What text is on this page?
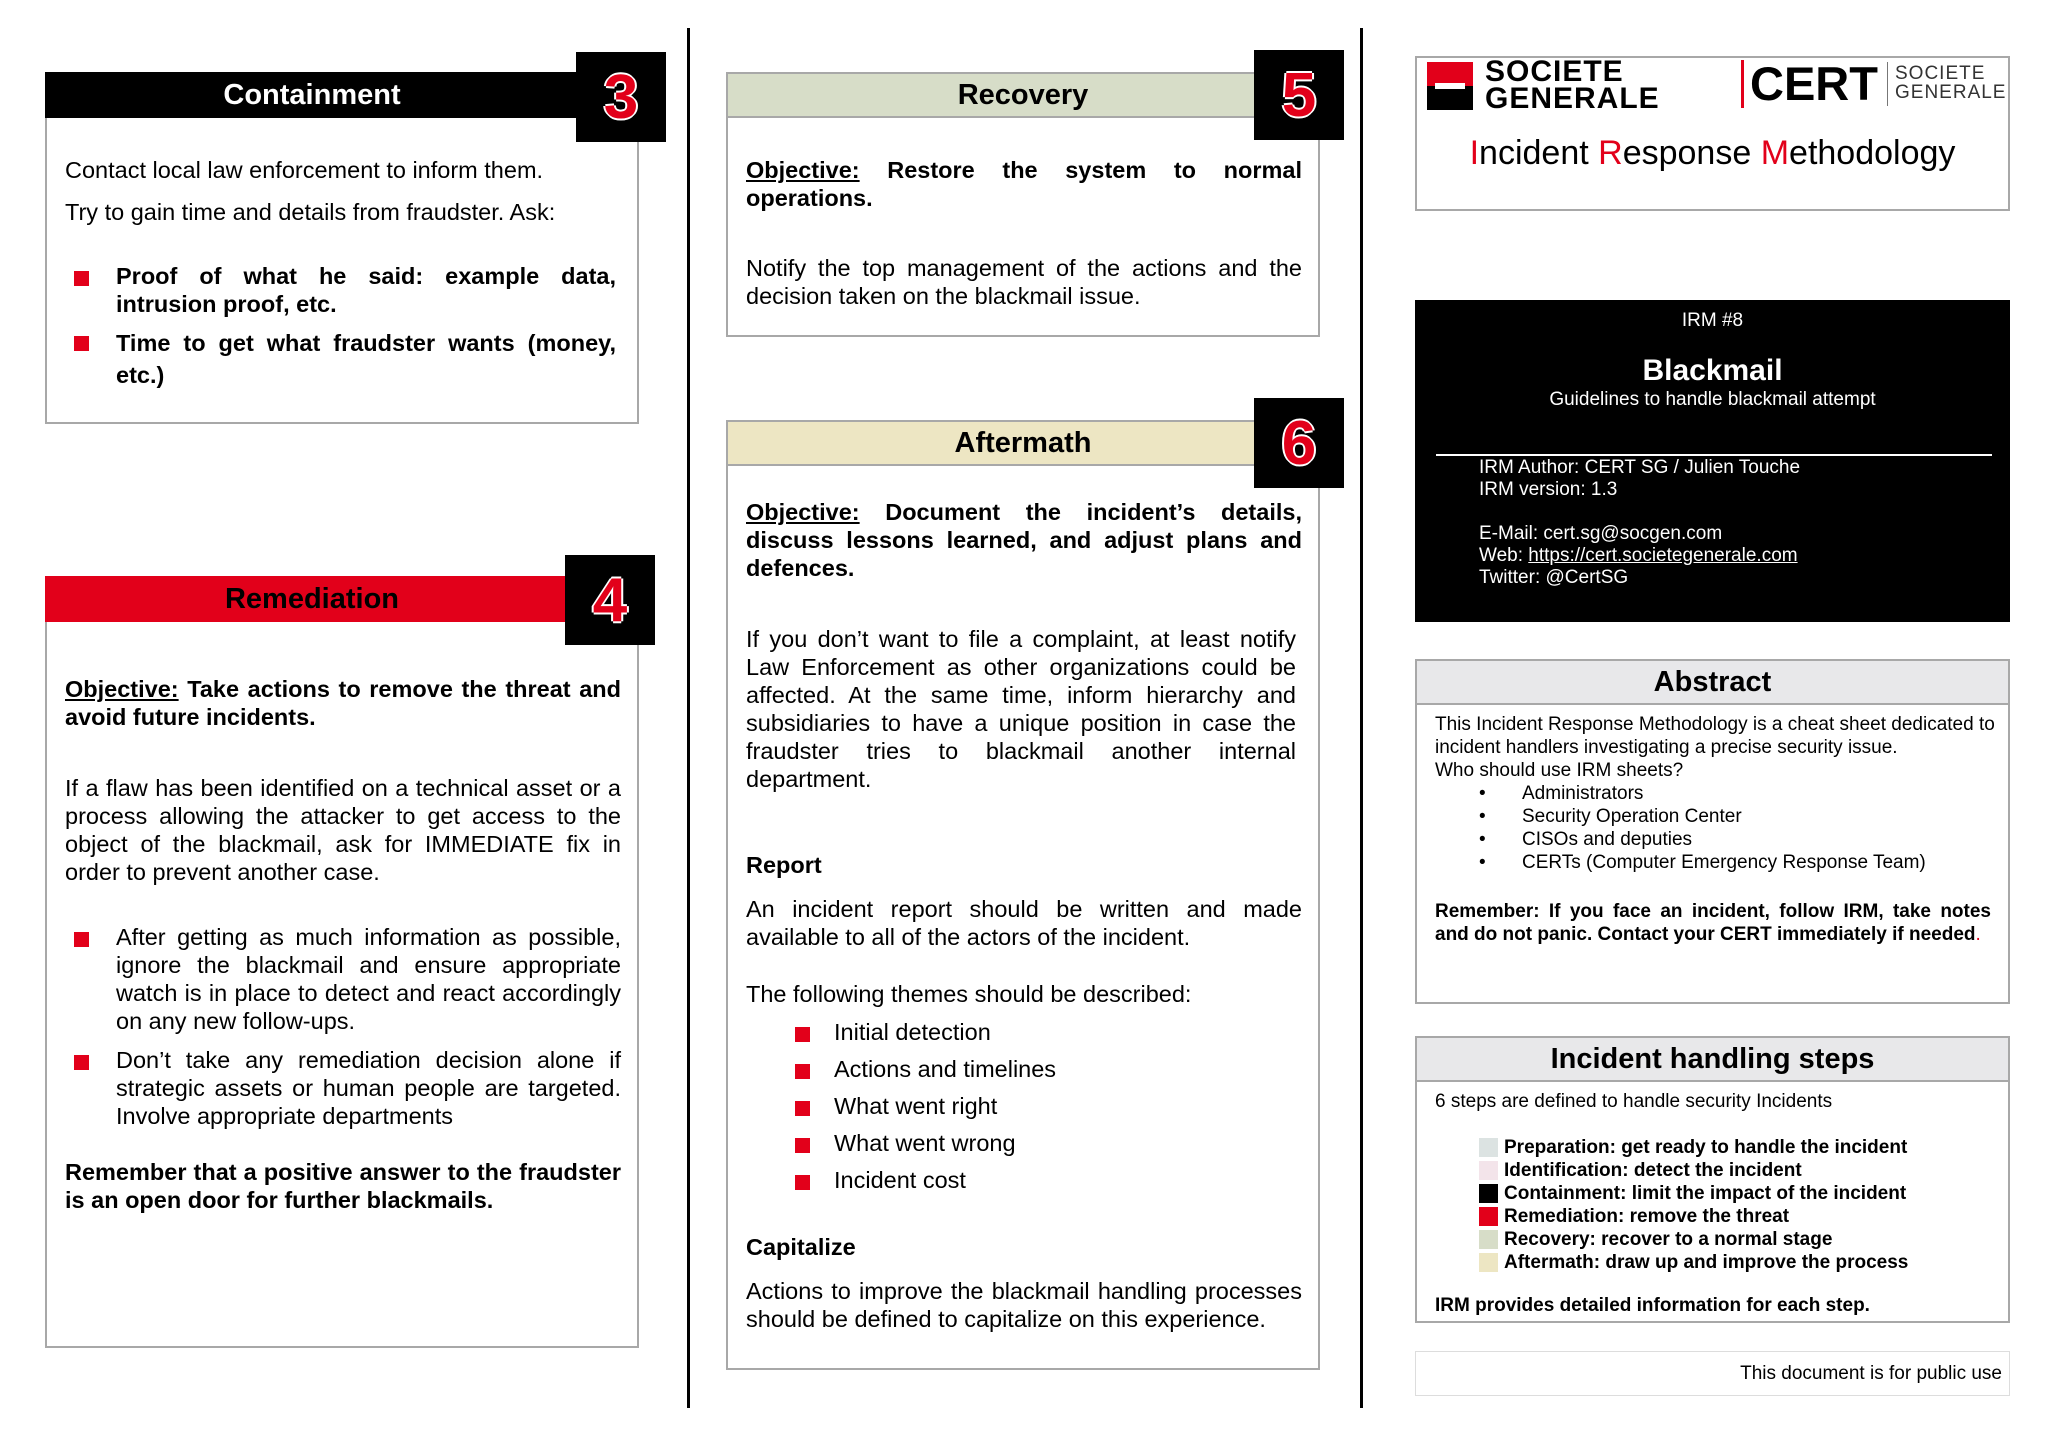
Containment
Contact local law enforcement to inform them.
Try to gain time and details from fraudster. Ask:
Proof of what he said: example data, intrusion proof, etc.
Time to get what fraudster wants (money, etc.)
3
Remediation
Objective: Take actions to remove the threat and avoid future incidents.
If a flaw has been identified on a technical asset or a process allowing the attacker to get access to the object of the blackmail, ask for IMMEDIATE fix in order to prevent another case.
After getting as much information as possible, ignore the blackmail and ensure appropriate watch is in place to detect and react accordingly on any new follow-ups.
Don’t take any remediation decision alone if strategic assets or human people are targeted. Involve appropriate departments
Remember that a positive answer to the fraudster is an open door for further blackmails.
4
Recovery
Objective: Restore the system to normal operations.
Notify the top management of the actions and the decision taken on the blackmail issue.
5
Aftermath
Objective: Document the incident’s details, discuss lessons learned, and adjust plans and defences.
If you don’t want to file a complaint, at least notify Law Enforcement as other organizations could be affected. At the same time, inform hierarchy and subsidiaries to have a unique position in case the fraudster tries to blackmail another internal department.
Report
An incident report should be written and made available to all of the actors of the incident.
The following themes should be described:
Initial detection
Actions and timelines
What went right
What went wrong
Incident cost
Capitalize
Actions to improve the blackmail handling processes should be defined to capitalize on this experience.
6
SOCIETE
GENERALE CERT SOCIETE
GENERALE
Incident Response Methodology
IRM #8
Blackmail
Guidelines to handle blackmail attempt
IRM Author: CERT SG / Julien Touche
IRM version: 1.3
E-Mail: cert.sg@socgen.com
Web: https://cert.societegenerale.com
Twitter: @CertSG
Abstract
This Incident Response Methodology is a cheat sheet dedicated to incident handlers investigating a precise security issue.
Who should use IRM sheets?
• Administrators
• Security Operation Center
• CISOs and deputies
• CERTs (Computer Emergency Response Team)
Remember: If you face an incident, follow IRM, take notes and do not panic. Contact your CERT immediately if needed.
Incident handling steps
6 steps are defined to handle security Incidents
Preparation: get ready to handle the incident
Identification: detect the incident
Containment: limit the impact of the incident
Remediation: remove the threat
Recovery: recover to a normal stage
Aftermath: draw up and improve the process
IRM provides detailed information for each step.
This document is for public use
